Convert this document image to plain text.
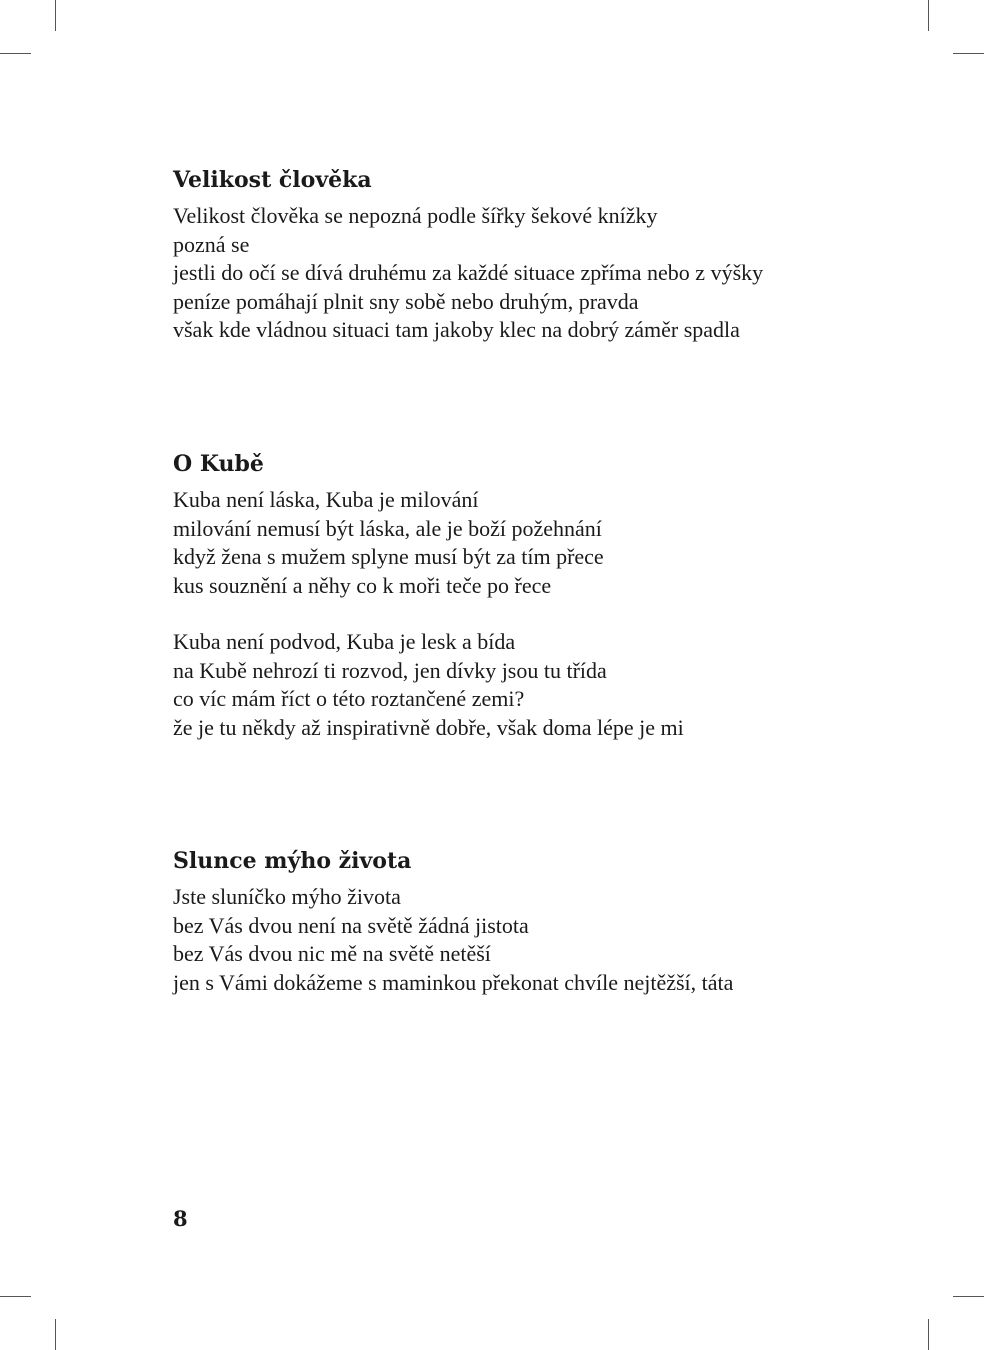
Velikost člověka
Velikost člověka se nepozná podle šířky šekové knížky
pozná se
jestli do očí se dívá druhému za každé situace zpříma nebo z výšky
peníze pomáhají plnit sny sobě nebo druhým, pravda
však kde vládnou situaci tam jakoby klec na dobrý záměr spadla
O Kubě
Kuba není láska, Kuba je milování
milování nemusí být láska, ale je boží požehnání
když žena s mužem splyne musí být za tím přece
kus souznění a něhy co k moři teče po řece
Kuba není podvod, Kuba je lesk a bída
na Kubě nehrozí ti rozvod, jen dívky jsou tu třída
co víc mám říct o této roztančené zemi?
že je tu někdy až inspirativně dobře, však doma lépe je mi
Slunce mýho života
Jste sluníčko mýho života
bez Vás dvou není na světě žádná jistota
bez Vás dvou nic mě na světě netěší
jen s Vámi dokážeme s maminkou překonat chvíle nejtěžší, táta
8
